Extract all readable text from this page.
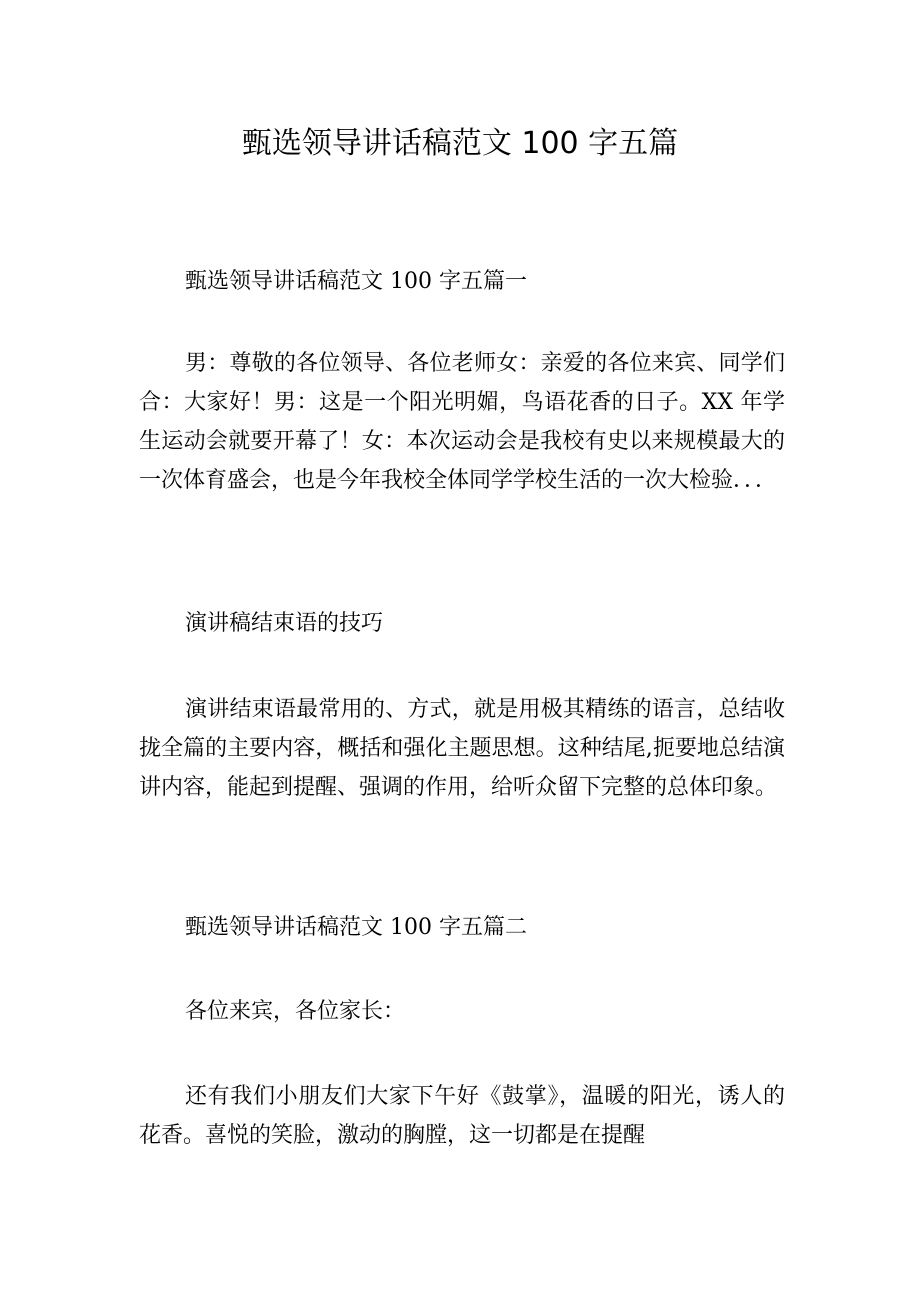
甄选领导讲话稿范文 100 字五篇

甄选领导讲话稿范文 100 字五篇一

男：尊敬的各位领导、各位老师女：亲爱的各位来宾、同学们合：大家好！男：这是一个阳光明媚，鸟语花香的日子。XX 年学生运动会就要开幕了！女：本次运动会是我校有史以来规模最大的一次体育盛会，也是今年我校全体同学学校生活的一次大检验．．．

演讲稿结束语的技巧

演讲结束语最常用的、方式，就是用极其精练的语言，总结收拢全篇的主要内容，概括和强化主题思想。这种结尾,扼要地总结演讲内容，能起到提醒、强调的作用，给听众留下完整的总体印象。

甄选领导讲话稿范文 100 字五篇二

各位来宾，各位家长：

还有我们小朋友们大家下午好《鼓掌》，温暖的阳光，诱人的花香。喜悦的笑脸，激动的胸膛，这一切都是在提醒
